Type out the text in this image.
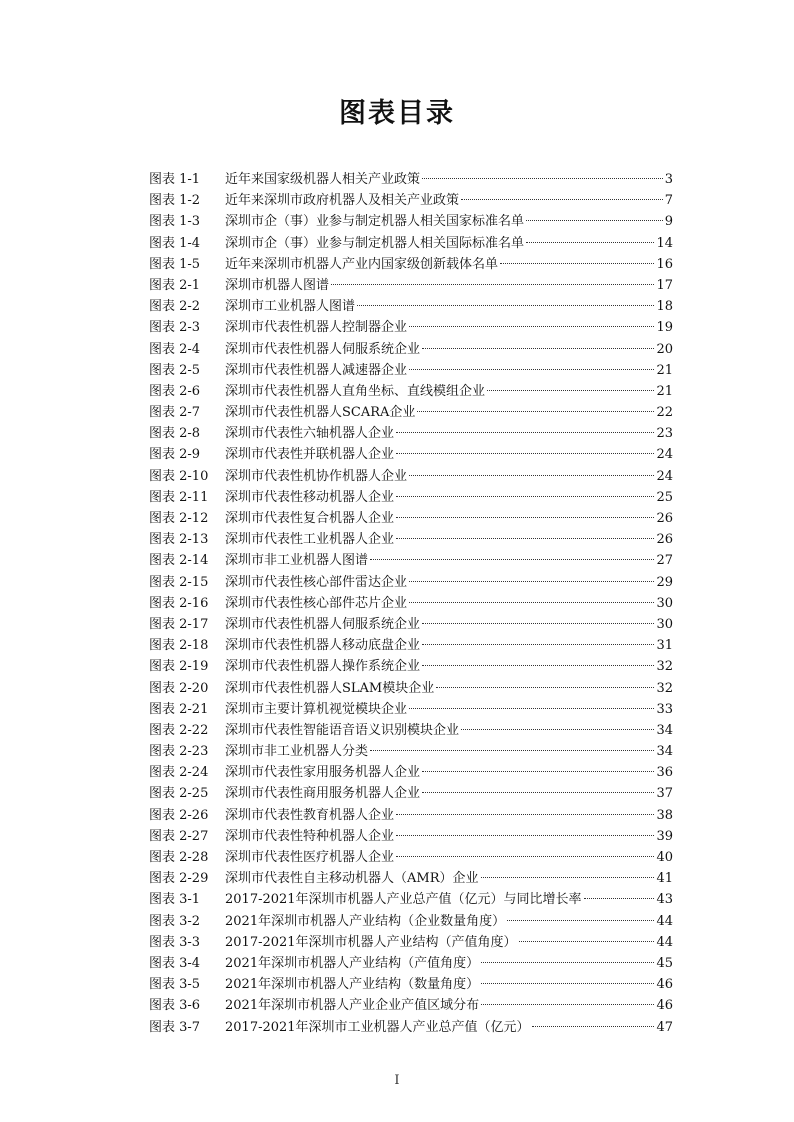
图表目录
图表 1-1	近年来国家级机器人相关产业政策	3
图表 1-2	近年来深圳市政府机器人及相关产业政策	7
图表 1-3	深圳市企（事）业参与制定机器人相关国家标准名单	9
图表 1-4	深圳市企（事）业参与制定机器人相关国际标准名单	14
图表 1-5	近年来深圳市机器人产业内国家级创新载体名单	16
图表 2-1	深圳市机器人图谱	17
图表 2-2	深圳市工业机器人图谱	18
图表 2-3	深圳市代表性机器人控制器企业	19
图表 2-4	深圳市代表性机器人伺服系统企业	20
图表 2-5	深圳市代表性机器人减速器企业	21
图表 2-6	深圳市代表性机器人直角坐标、直线模组企业	21
图表 2-7	深圳市代表性机器人SCARA企业	22
图表 2-8	深圳市代表性六轴机器人企业	23
图表 2-9	深圳市代表性并联机器人企业	24
图表 2-10	深圳市代表性机协作机器人企业	24
图表 2-11	深圳市代表性移动机器人企业	25
图表 2-12	深圳市代表性复合机器人企业	26
图表 2-13	深圳市代表性工业机器人企业	26
图表 2-14	深圳市非工业机器人图谱	27
图表 2-15	深圳市代表性核心部件雷达企业	29
图表 2-16	深圳市代表性核心部件芯片企业	30
图表 2-17	深圳市代表性机器人伺服系统企业	30
图表 2-18	深圳市代表性机器人移动底盘企业	31
图表 2-19	深圳市代表性机器人操作系统企业	32
图表 2-20	深圳市代表性机器人SLAM模块企业	32
图表 2-21	深圳市主要计算机视觉模块企业	33
图表 2-22	深圳市代表性智能语音语义识别模块企业	34
图表 2-23	深圳市非工业机器人分类	34
图表 2-24	深圳市代表性家用服务机器人企业	36
图表 2-25	深圳市代表性商用服务机器人企业	37
图表 2-26	深圳市代表性教育机器人企业	38
图表 2-27	深圳市代表性特种机器人企业	39
图表 2-28	深圳市代表性医疗机器人企业	40
图表 2-29	深圳市代表性自主移动机器人（AMR）企业	41
图表 3-1	2017-2021年深圳市机器人产业总产值（亿元）与同比增长率	43
图表 3-2	2021年深圳市机器人产业结构（企业数量角度）	44
图表 3-3	2017-2021年深圳市机器人产业结构（产值角度）	44
图表 3-4	2021年深圳市机器人产业结构（产值角度）	45
图表 3-5	2021年深圳市机器人产业结构（数量角度）	46
图表 3-6	2021年深圳市机器人产业企业产值区域分布	46
图表 3-7	2017-2021年深圳市工业机器人产业总产值（亿元）	47
I
